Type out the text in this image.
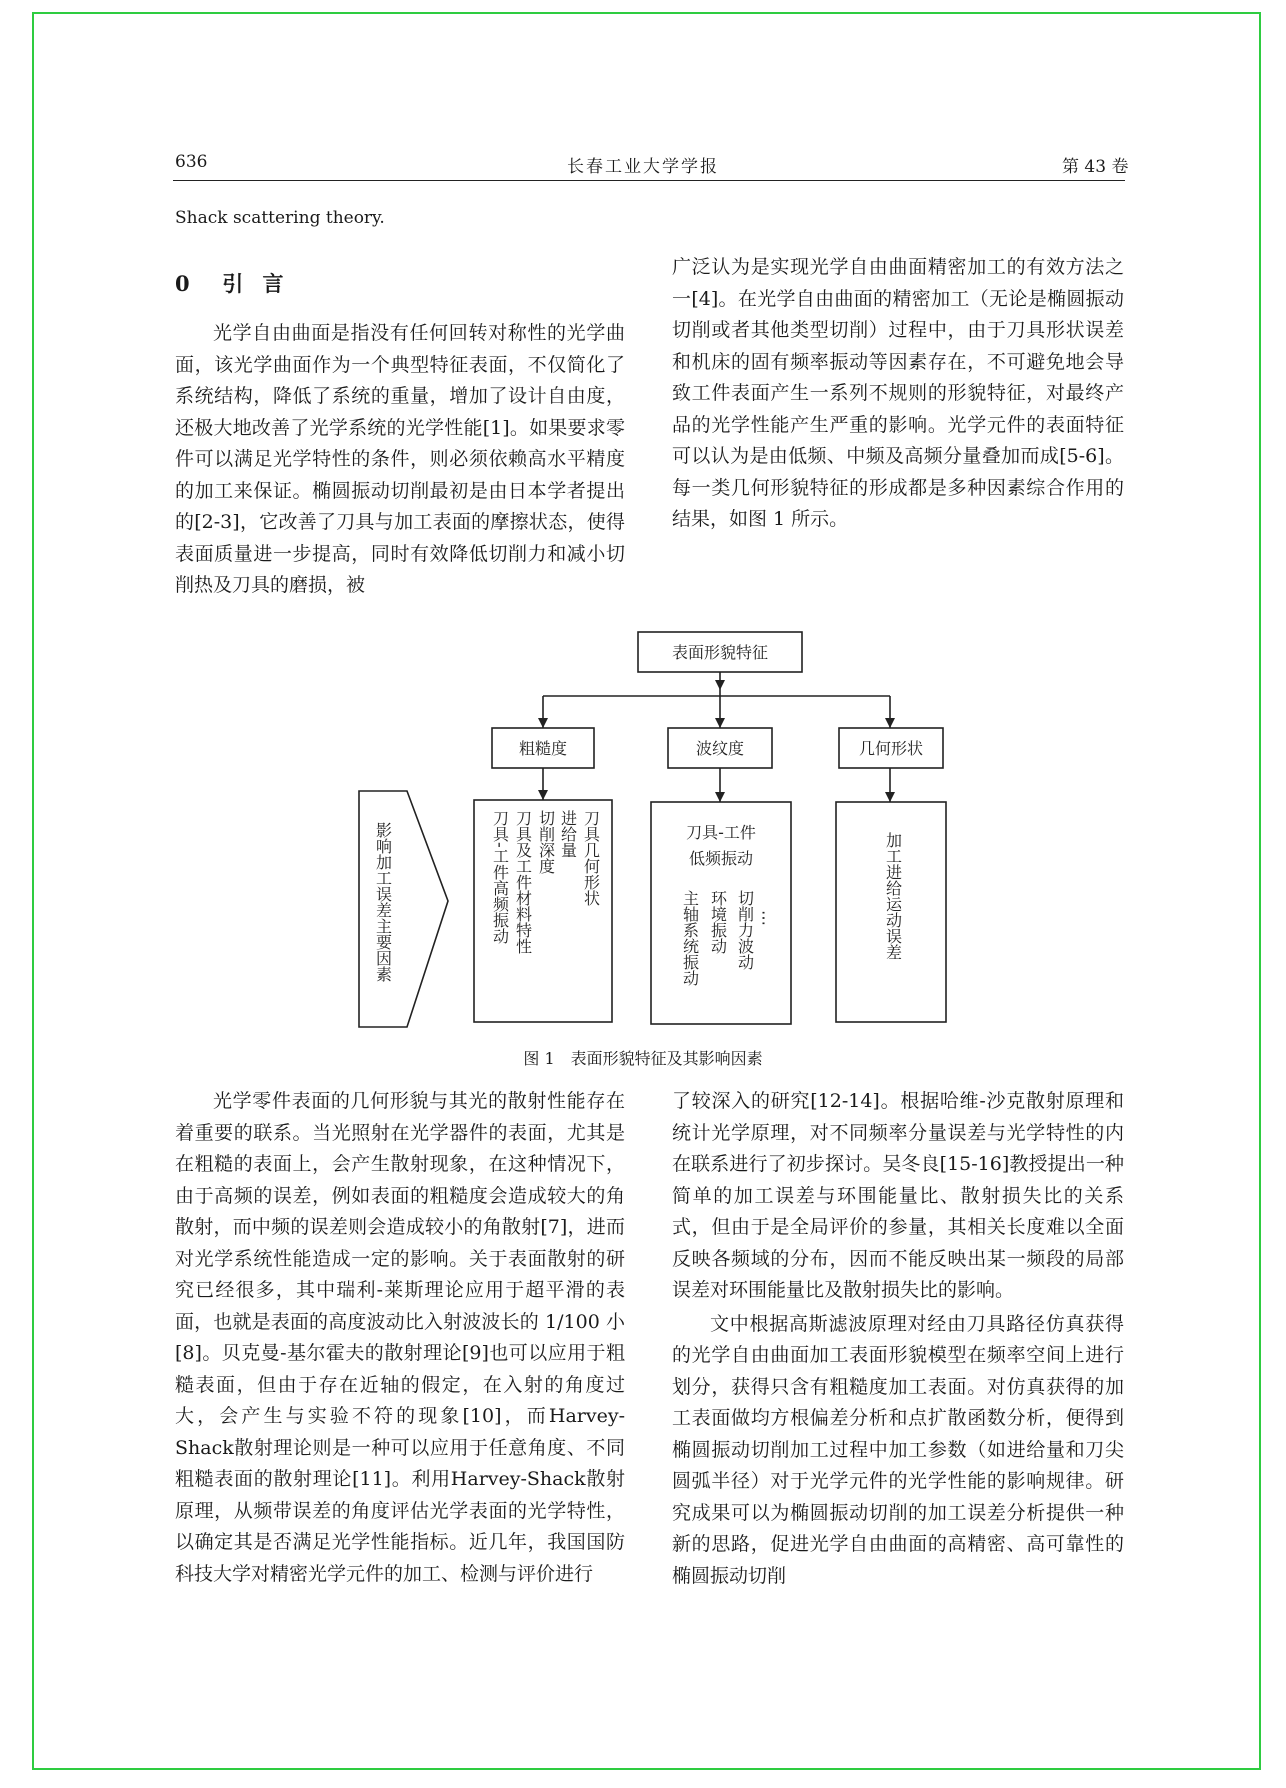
636	长春工业大学学报	第 43 卷
Shack scattering theory.
0 引 言

光学自由曲面是指没有任何回转对称性的光学曲面，该光学曲面作为一个典型特征表面，不仅简化了系统结构，降低了系统的重量，增加了设计自由度，还极大地改善了光学系统的光学性能[1]。如果要求零件可以满足光学特性的条件，则必须依赖高水平精度的加工来保证。椭圆振动切削最初是由日本学者提出的[2-3]，它改善了刀具与加工表面的摩擦状态，使得表面质量进一步提高，同时有效降低切削力和减小切削热及刀具的磨损，被

广泛认为是实现光学自由曲面精密加工的有效方法之一[4]。在光学自由曲面的精密加工（无论是椭圆振动切削或者其他类型切削）过程中，由于刀具形状误差和机床的固有频率振动等因素存在，不可避免地会导致工件表面产生一系列不规则的形貌特征，对最终产品的光学性能产生严重的影响。光学元件的表面特征可以认为是由低频、中频及高频分量叠加而成[5-6]。每一类几何形貌特征的形成都是多种因素综合作用的结果，如图 1 所示。

表面形貌特征
粗糙度	波纹度	几何形状
刀具-工件
低频振动
影响加工误差主要因素	刀具几何形状
进给量
切削深度
刀具及工件材料特性
刀具-工件高频振动	切削力波动
环境振动
主轴系统振动	…	加工进给运动误差
图 1　表面形貌特征及其影响因素

光学零件表面的几何形貌与其光的散射性能存在着重要的联系。当光照射在光学器件的表面，尤其是在粗糙的表面上，会产生散射现象，在这种情况下，由于高频的误差，例如表面的粗糙度会造成较大的角散射，而中频的误差则会造成较小的角散射[7]，进而对光学系统性能造成一定的影响。关于表面散射的研究已经很多，其中瑞利-莱斯理论应用于超平滑的表面，也就是表面的高度波动比入射波波长的 1/100 小[8]。贝克曼-基尔霍夫的散射理论[9]也可以应用于粗糙表面，但由于存在近轴的假定，在入射的角度过大，会产生与实验不符的现象[10]，而Harvey-Shack散射理论则是一种可以应用于任意角度、不同粗糙表面的散射理论[11]。利用Harvey-Shack散射原理，从频带误差的角度评估光学表面的光学特性，以确定其是否满足光学性能指标。近几年，我国国防科技大学对精密光学元件的加工、检测与评价进行

了较深入的研究[12-14]。根据哈维-沙克散射原理和统计光学原理，对不同频率分量误差与光学特性的内在联系进行了初步探讨。吴冬良[15-16]教授提出一种简单的加工误差与环围能量比、散射损失比的关系式，但由于是全局评价的参量，其相关长度难以全面反映各频域的分布，因而不能反映出某一频段的局部误差对环围能量比及散射损失比的影响。

文中根据高斯滤波原理对经由刀具路径仿真获得的光学自由曲面加工表面形貌模型在频率空间上进行划分，获得只含有粗糙度加工表面。对仿真获得的加工表面做均方根偏差分析和点扩散函数分析，便得到椭圆振动切削加工过程中加工参数（如进给量和刀尖圆弧半径）对于光学元件的光学性能的影响规律。研究成果可以为椭圆振动切削的加工误差分析提供一种新的思路，促进光学自由曲面的高精密、高可靠性的椭圆振动切削
